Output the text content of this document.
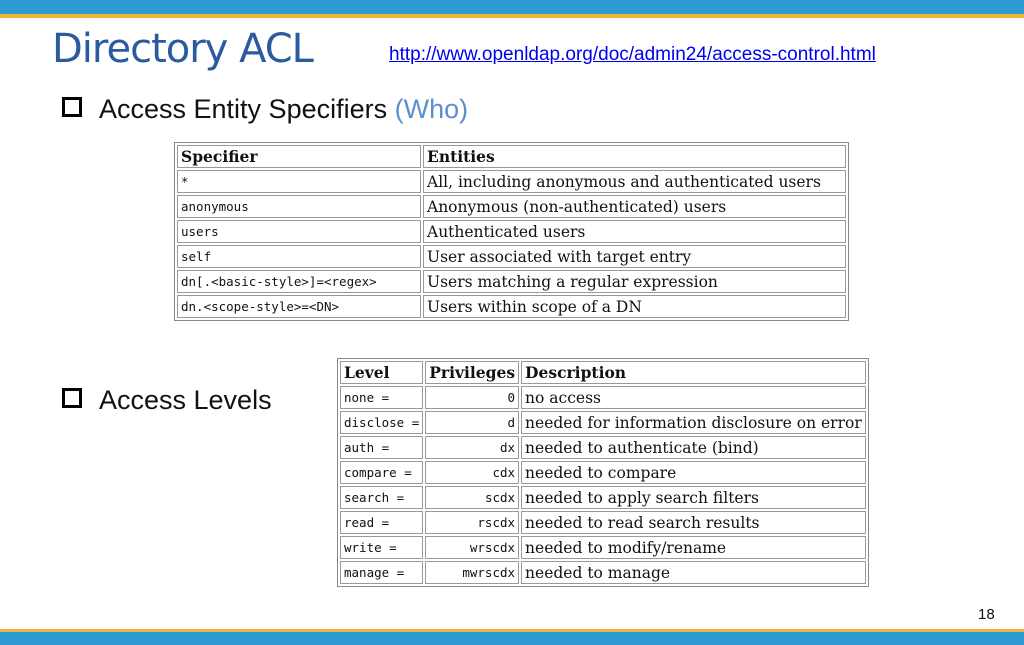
Directory ACL	http://www.openldap.org/doc/admin24/access-control.html
Access Entity Specifiers (Who)
Specifier	Entities
*	All, including anonymous and authenticated users
anonymous	Anonymous (non-authenticated) users
users	Authenticated users
self	User associated with target entry
dn[.<basic-style>]=<regex>	Users matching a regular expression
dn.<scope-style>=<DN>	Users within scope of a DN
Access Levels
Level	Privileges	Description
none =	0	no access
disclose =	d	needed for information disclosure on error
auth =	dx	needed to authenticate (bind)
compare =	cdx	needed to compare
search =	scdx	needed to apply search filters
read =	rscdx	needed to read search results
write =	wrscdx	needed to modify/rename
manage =	mwrscdx	needed to manage
18
